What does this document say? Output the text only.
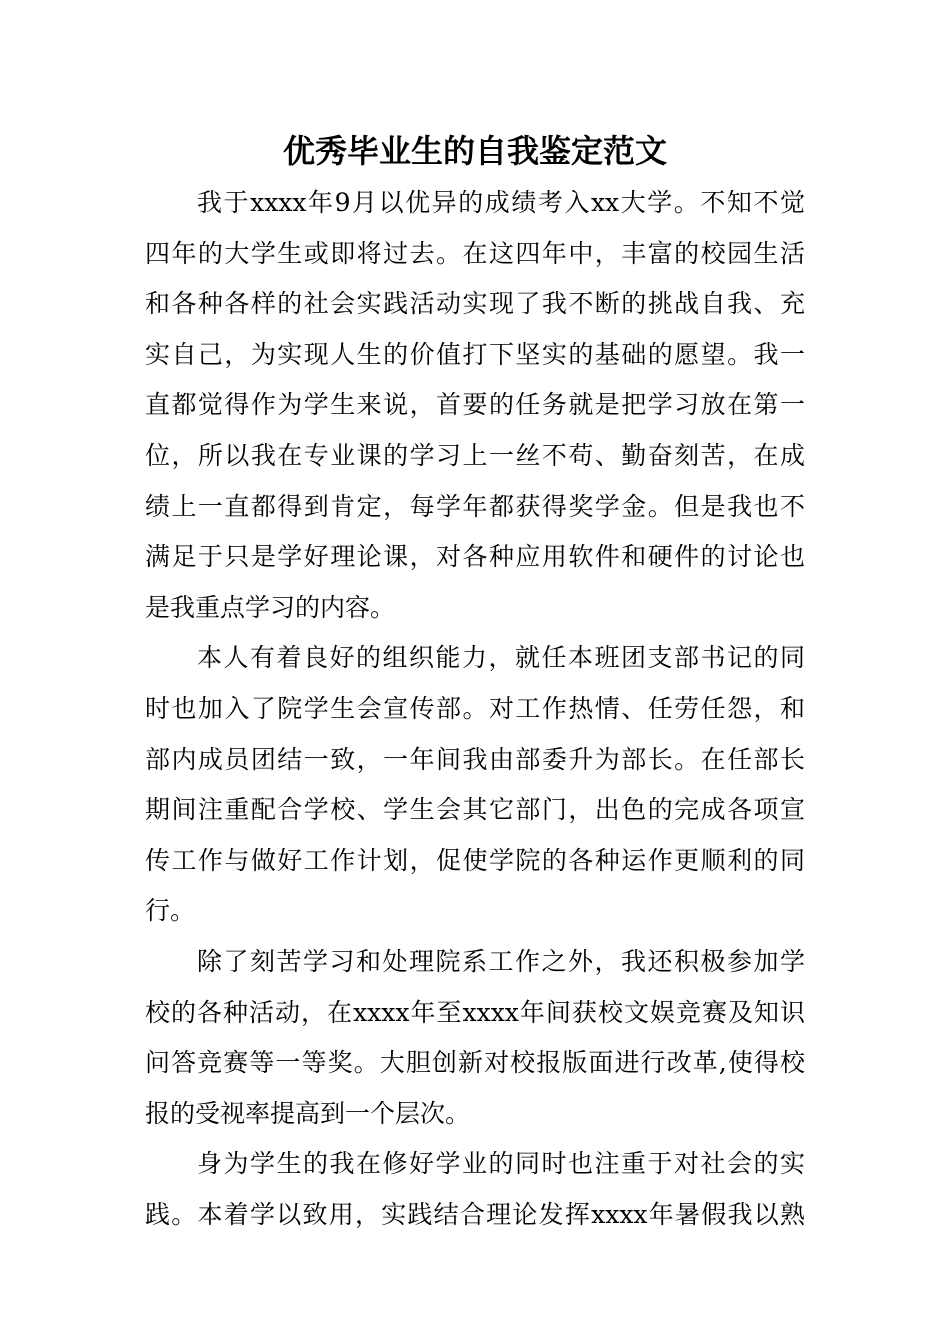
优秀毕业生的自我鉴定范文
我于xxxx年9月以优异的成绩考入xx大学。不知不觉
四年的大学生或即将过去。在这四年中，丰富的校园生活
和各种各样的社会实践活动实现了我不断的挑战自我、充
实自己，为实现人生的价值打下坚实的基础的愿望。我一
直都觉得作为学生来说，首要的任务就是把学习放在第一
位，所以我在专业课的学习上一丝不苟、勤奋刻苦，在成
绩上一直都得到肯定，每学年都获得奖学金。但是我也不
满足于只是学好理论课，对各种应用软件和硬件的讨论也
是我重点学习的内容。
本人有着良好的组织能力，就任本班团支部书记的同
时也加入了院学生会宣传部。对工作热情、任劳任怨，和
部内成员团结一致，一年间我由部委升为部长。在任部长
期间注重配合学校、学生会其它部门，出色的完成各项宣
传工作与做好工作计划，促使学院的各种运作更顺利的同
行。
除了刻苦学习和处理院系工作之外，我还积极参加学
校的各种活动，在xxxx年至xxxx年间获校文娱竞赛及知识
问答竞赛等一等奖。大胆创新对校报版面进行改革,使得校
报的受视率提高到一个层次。
身为学生的我在修好学业的同时也注重于对社会的实
践。本着学以致用，实践结合理论发挥xxxx年暑假我以熟
